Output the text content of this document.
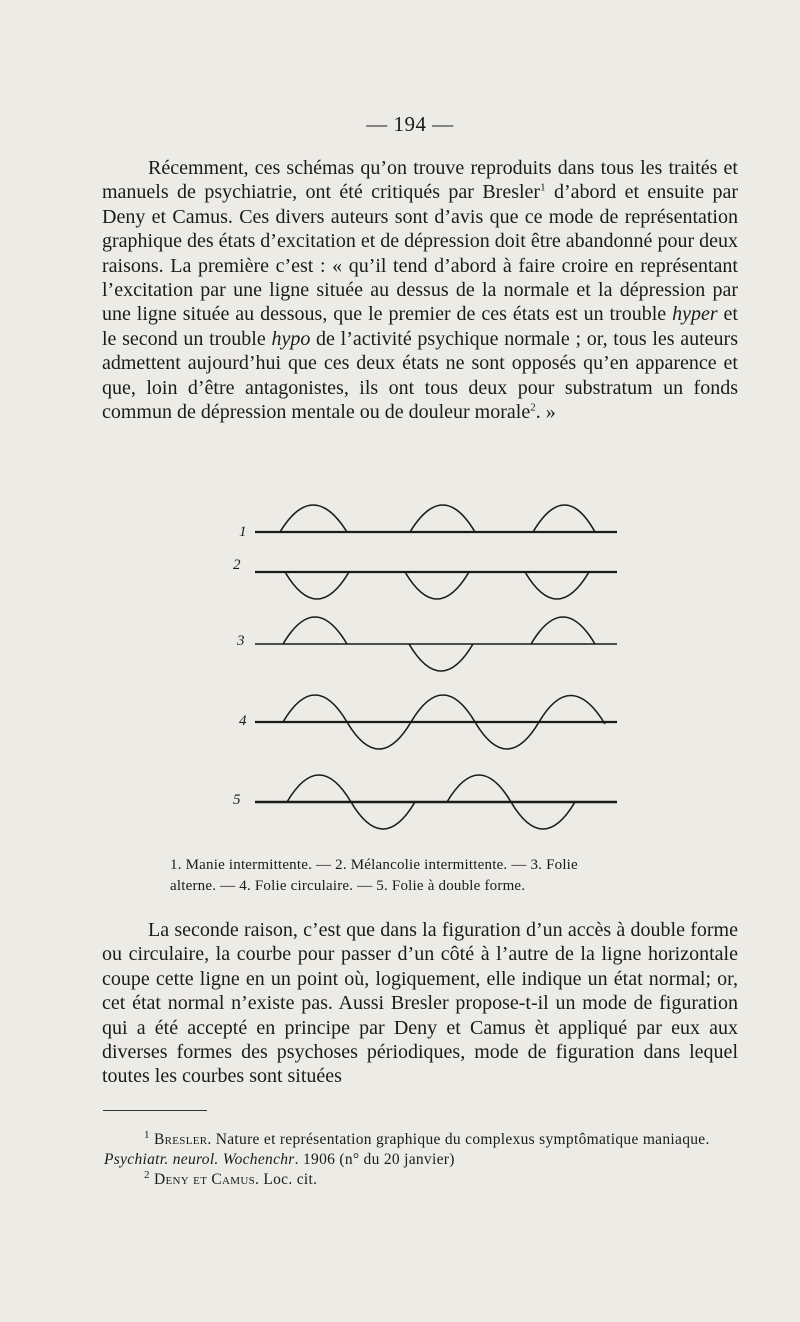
— 194 —

Récemment, ces schémas qu’on trouve reproduits dans tous les traités et manuels de psychiatrie, ont été critiqués par Bresler$^1$ d’abord et ensuite par Deny et Camus. Ces divers auteurs sont d’avis que ce mode de représentation graphique des états d’excitation et de dépression doit être abandonné pour deux raisons. La première c’est : « qu’il tend d’abord à faire croire en représentant l’excitation par une ligne située au dessus de la normale et la dépression par une ligne située au dessous, que le premier de ces états est un trouble hyper et le second un trouble hypo de l’activité psychique normale ; or, tous les auteurs admettent aujourd’hui que ces deux états ne sont opposés qu’en apparence et que, loin d’être antagonistes, ils ont tous deux pour substratum un fonds commun de dépression mentale ou de douleur morale$^2$. »

1
2
3
4
5

1. Manie intermittente. — 2. Mélancolie intermittente. — 3. Folie
alterne. — 4. Folie circulaire. — 5. Folie à double forme.

La seconde raison, c’est que dans la figuration d’un accès à double forme ou circulaire, la courbe pour passer d’un côté à l’autre de la ligne horizontale coupe cette ligne en un point où, logiquement, elle indique un état normal; or, cet état normal n’existe pas. Aussi Bresler propose-t-il un mode de figuration qui a été accepté en principe par Deny et Camus èt appliqué par eux aux diverses formes des psychoses périodiques, mode de figuration dans lequel toutes les courbes sont situées

$^1$ Bresler. Nature et représentation graphique du complexus symptômatique maniaque. Psychiatr. neurol. Wochenchr. 1906 (n° du 20 janvier)

$^2$ Deny et Camus. Loc. cit.
